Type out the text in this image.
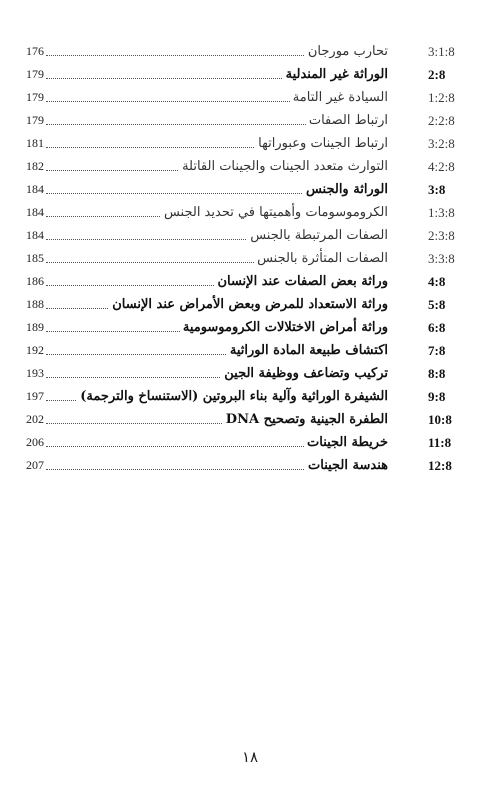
176	تحارب مورجان	3:1:8
179	الوراثة غير المندلية	2:8
179	السيادة غير التامة	1:2:8
179	ارتباط الصفات	2:2:8
181	ارتباط الجينات وعبوراتها	3:2:8
182	التوارث متعدد الجينات والجينات القاتلة	4:2:8
184	الوراثة والجنس	3:8
184	الكروموسومات وأهميتها في تحديد الجنس	1:3:8
184	الصفات المرتبطة بالجنس	2:3:8
185	الصفات المتأثرة بالجنس	3:3:8
186	وراثة بعض الصفات عند الإنسان	4:8
188	وراثة الاستعداد للمرض وبعض الأمراض عند الإنسان	5:8
189	وراثة أمراض الاختلالات الكروموسومية	6:8
192	اكتشاف طبيعة المادة الوراثية	7:8
193	تركيب وتضاعف ووظيفة الجين	8:8
197	الشيفرة الوراثية وآلية بناء البروتين (الاستنساخ والترجمة)	9:8
202	الطفرة الجينية وتصحيح DNA	10:8
206	خريطة الجينات	11:8
207	هندسة الجينات	12:8
١٨
